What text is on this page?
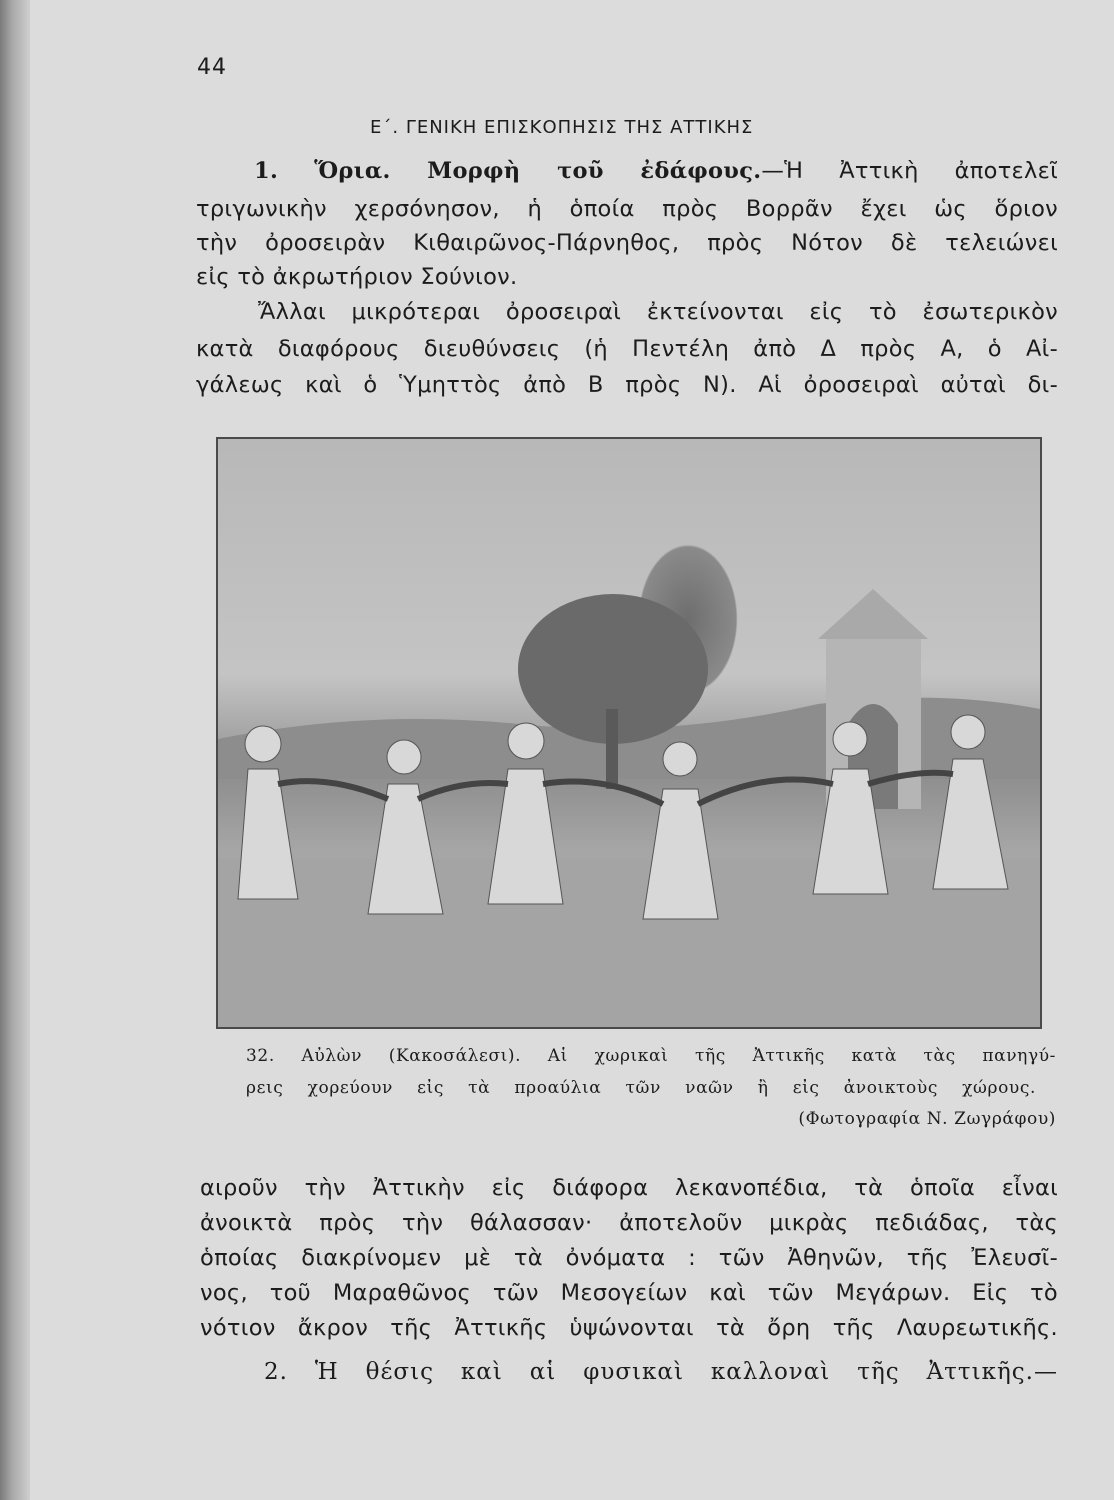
44
Ε΄. ΓΕΝΙΚΗ ΕΠΙΣΚΟΠΗΣΙΣ ΤΗΣ ΑΤΤΙΚΗΣ
1. Ὅρια. Μορφὴ τοῦ ἐδάφους.—Ἡ Ἀττικὴ ἀποτελεῖ
τριγωνικὴν χερσόνησον, ἡ ὁποία πρὸς Βορρᾶν ἔχει ὡς ὅριον
τὴν ὀροσειρὰν Κιθαιρῶνος-Πάρνηθος, πρὸς Νότον δὲ τελειώνει
εἰς τὸ ἀκρωτήριον Σούνιον.
Ἄλλαι μικρότεραι ὀροσειραὶ ἐκτείνονται εἰς τὸ ἐσωτερικὸν
κατὰ διαφόρους διευθύνσεις (ἡ Πεντέλη ἀπὸ Δ πρὸς Α, ὁ Αἰ-
γάλεως καὶ ὁ Ὑμηττὸς ἀπὸ Β πρὸς Ν). Αἱ ὀροσειραὶ αὐταὶ δι-
32. Αὐλὼν (Κακοσάλεσι). Αἱ χωρικαὶ τῆς Ἀττικῆς κατὰ τὰς πανηγύ-
ρεις χορεύουν εἰς τὰ προαύλια τῶν ναῶν ἢ εἰς ἀνοικτοὺς χώρους.
(Φωτογραφία Ν. Ζωγράφου)
αιροῦν τὴν Ἀττικὴν εἰς διάφορα λεκανοπέδια, τὰ ὁποῖα εἶναι
ἀνοικτὰ πρὸς τὴν θάλασσαν· ἀποτελοῦν μικρὰς πεδιάδας, τὰς
ὁποίας διακρίνομεν μὲ τὰ ὀνόματα : τῶν Ἀθηνῶν, τῆς Ἐλευσῖ-
νος, τοῦ Μαραθῶνος τῶν Μεσογείων καὶ τῶν Μεγάρων. Εἰς τὸ
νότιον ἄκρον τῆς Ἀττικῆς ὑψώνονται τὰ ὄρη τῆς Λαυρεωτικῆς.
2. Ἡ θέσις καὶ αἱ φυσικαὶ καλλοναὶ τῆς Ἀττικῆς.—
